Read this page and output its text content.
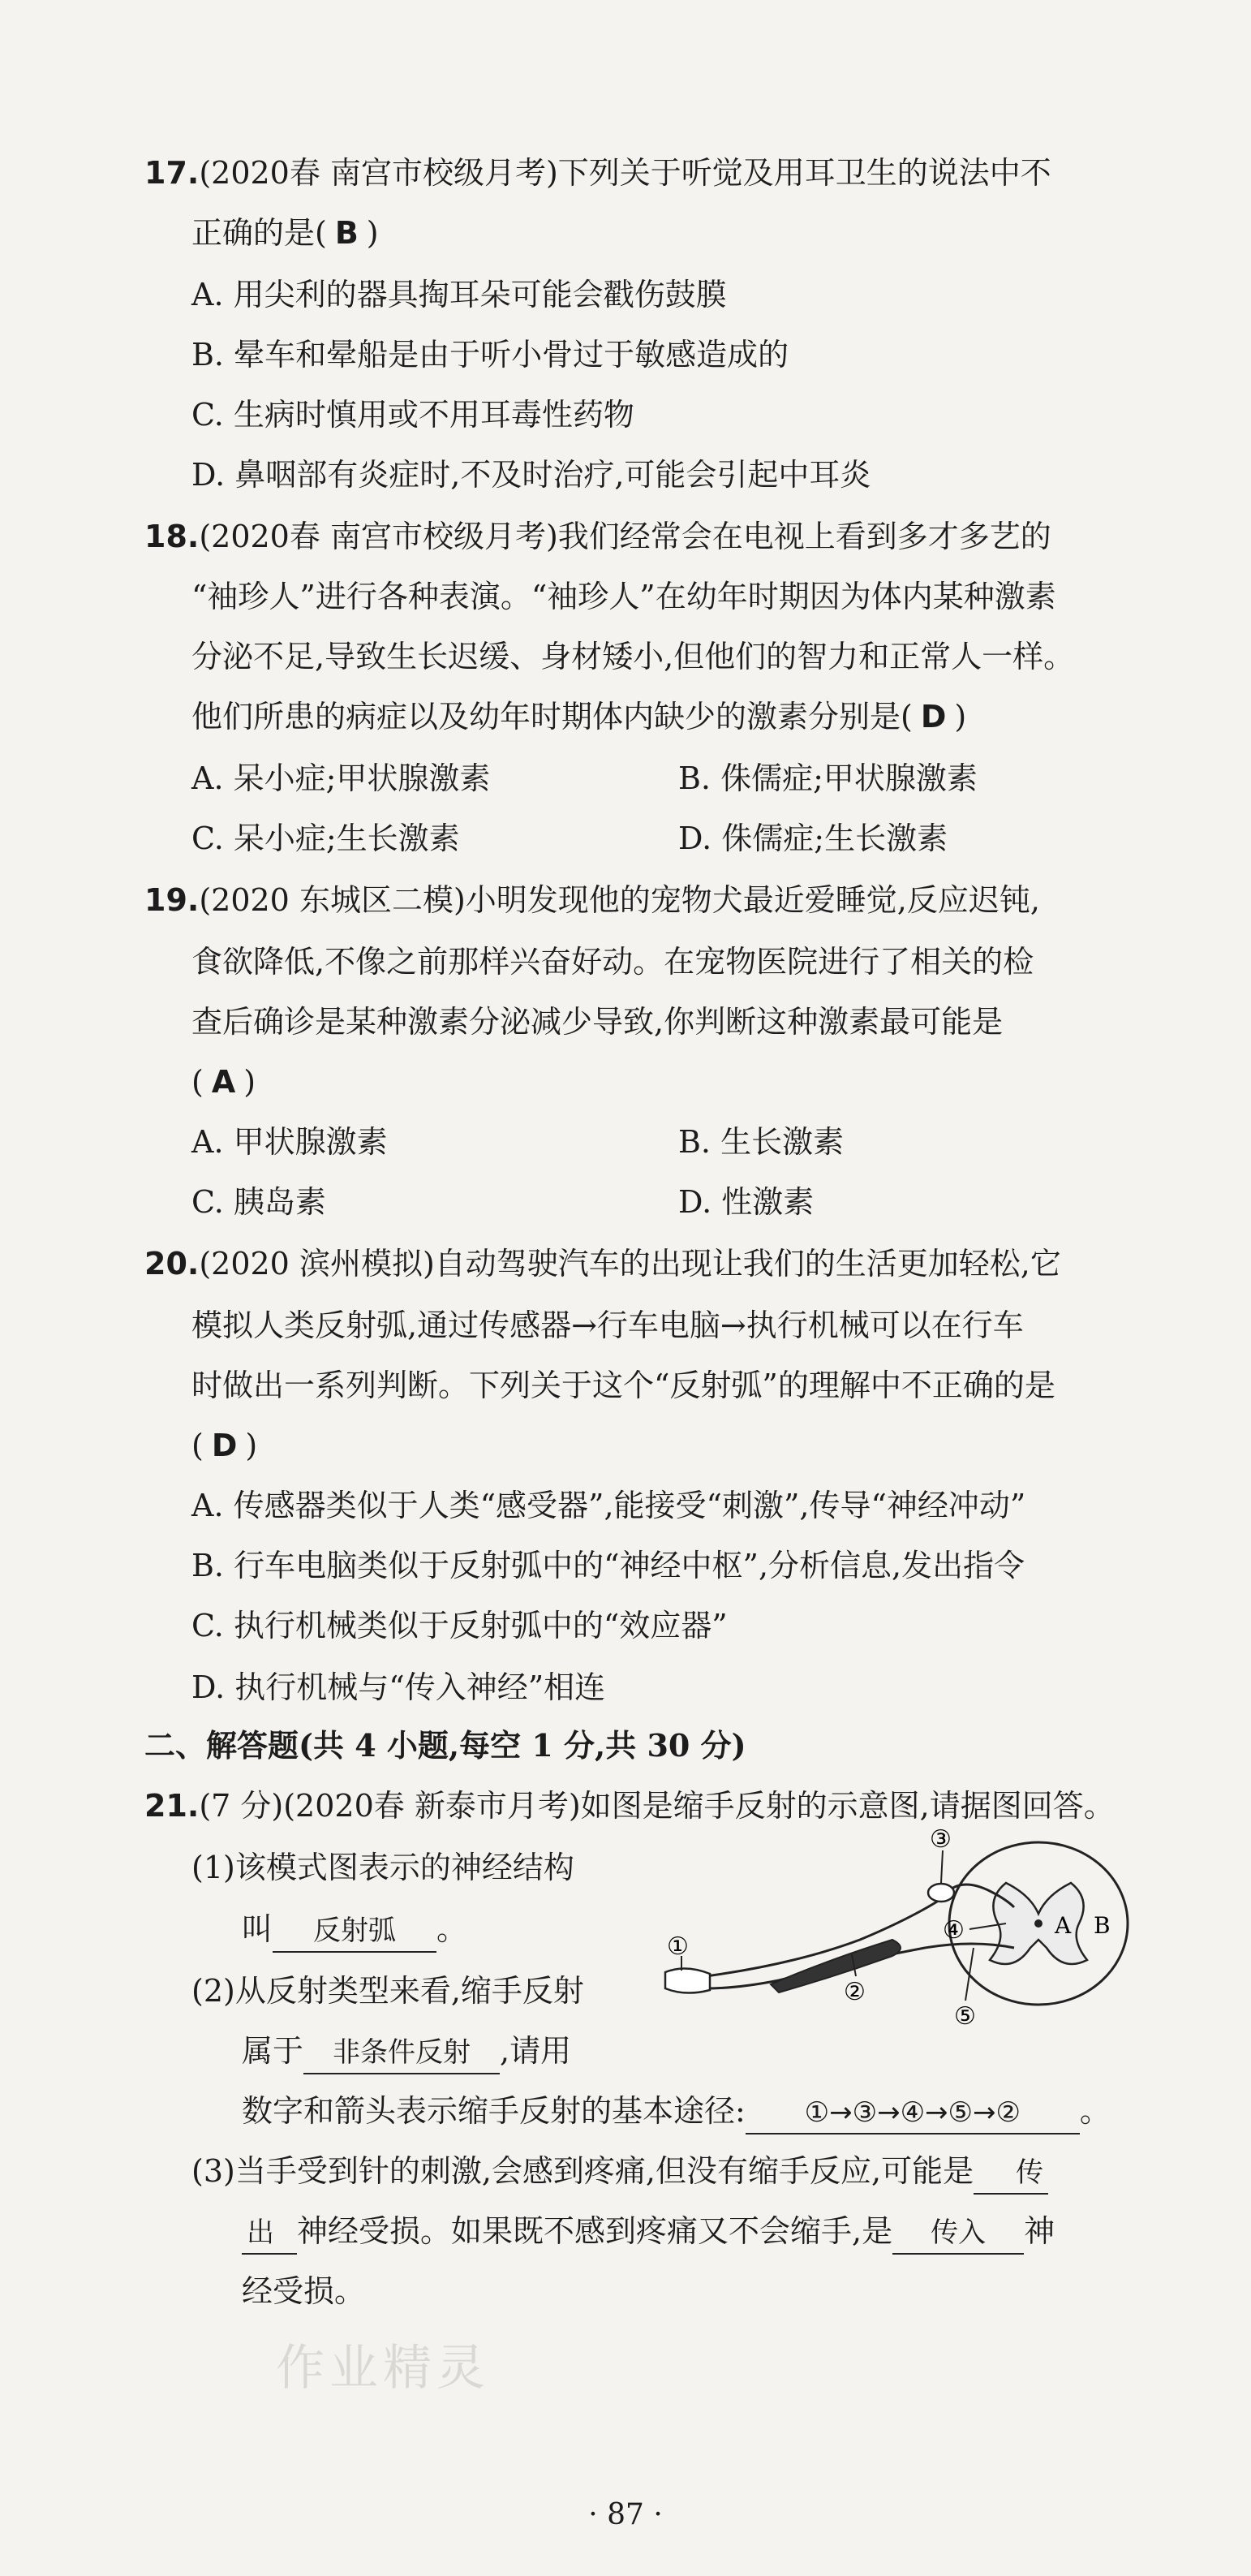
17.(2020春 南宫市校级月考)下列关于听觉及用耳卫生的说法中不
正确的是( B )
A. 用尖利的器具掏耳朵可能会戳伤鼓膜
B. 晕车和晕船是由于听小骨过于敏感造成的
C. 生病时慎用或不用耳毒性药物
D. 鼻咽部有炎症时,不及时治疗,可能会引起中耳炎
18.(2020春 南宫市校级月考)我们经常会在电视上看到多才多艺的
“袖珍人”进行各种表演。“袖珍人”在幼年时期因为体内某种激素
分泌不足,导致生长迟缓、身材矮小,但他们的智力和正常人一样。
他们所患的病症以及幼年时期体内缺少的激素分别是( D )
A. 呆小症;甲状腺激素	B. 侏儒症;甲状腺激素
C. 呆小症;生长激素	D. 侏儒症;生长激素
19.(2020 东城区二模)小明发现他的宠物犬最近爱睡觉,反应迟钝,
食欲降低,不像之前那样兴奋好动。在宠物医院进行了相关的检
查后确诊是某种激素分泌减少导致,你判断这种激素最可能是
( A )
A. 甲状腺激素	B. 生长激素
C. 胰岛素	D. 性激素
20.(2020 滨州模拟)自动驾驶汽车的出现让我们的生活更加轻松,它
模拟人类反射弧,通过传感器→行车电脑→执行机械可以在行车
时做出一系列判断。下列关于这个“反射弧”的理解中不正确的是
( D )
A. 传感器类似于人类“感受器”,能接受“刺激”,传导“神经冲动”
B. 行车电脑类似于反射弧中的“神经中枢”,分析信息,发出指令
C. 执行机械类似于反射弧中的“效应器”
D. 执行机械与“传入神经”相连
二、解答题(共 4 小题,每空 1 分,共 30 分)
21.(7 分)(2020春 新泰市月考)如图是缩手反射的示意图,请据图回答。
(1)该模式图表示的神经结构
叫 反射弧 。
(2)从反射类型来看,缩手反射
属于 非条件反射 ,请用
数字和箭头表示缩手反射的基本途径: ①→③→④→⑤→② 。
(3)当手受到针的刺激,会感到疼痛,但没有缩手反应,可能是 传
出 神经受损。如果既不感到疼痛又不会缩手,是 传入 神
经受损。
①
②
③
④
⑤
A B
作业精灵
· 87 ·
